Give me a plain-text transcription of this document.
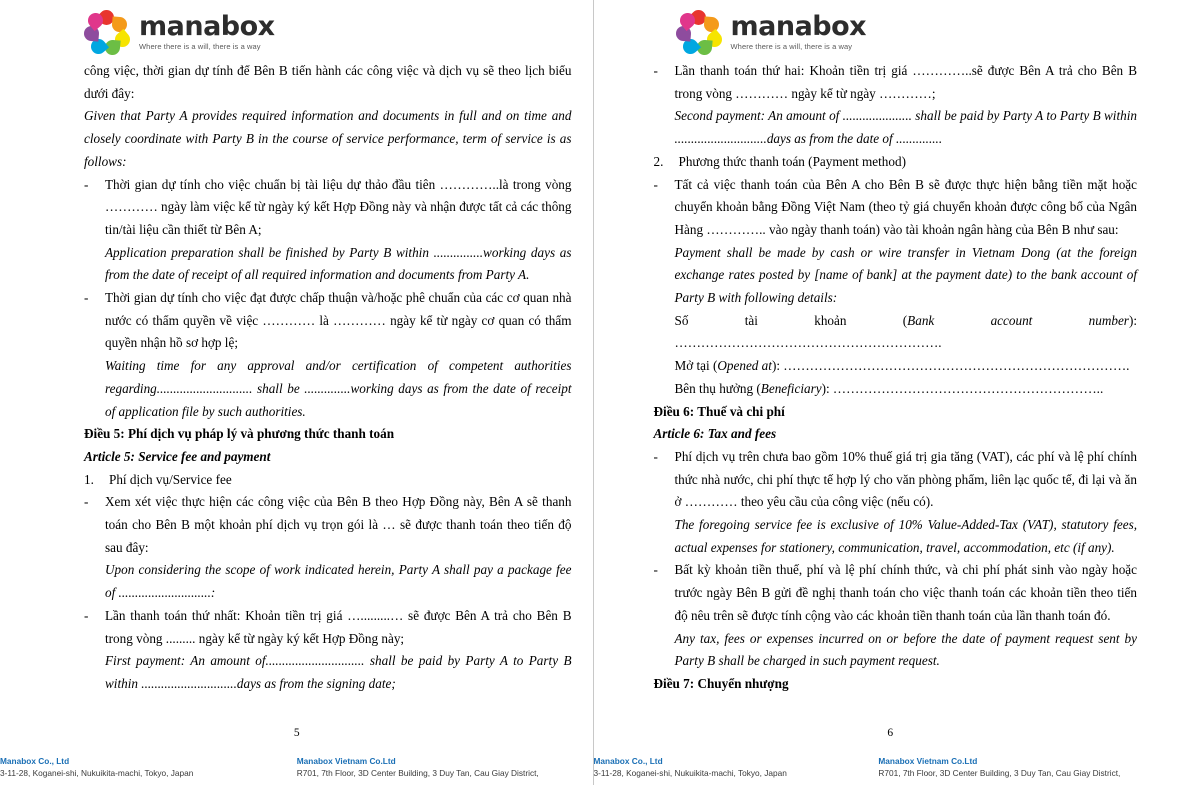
manabox
Where there is a will, there is a way
công việc, thời gian dự tính để Bên B tiến hành các công việc và dịch vụ sẽ theo lịch biểu dưới đây:
Given that Party A provides required information and documents in full and on time and closely coordinate with Party B in the course of service performance, term of service is as follows:
-	Thời gian dự tính cho việc chuẩn bị tài liệu dự thảo đầu tiên …………..là trong vòng ………… ngày làm việc kể từ ngày ký kết Hợp Đồng này và nhận được tất cả các thông tin/tài liệu cần thiết từ Bên A;
Application preparation shall be finished by Party B within ...............working days as from the date of receipt of all required information and documents from Party A.
-	Thời gian dự tính cho việc đạt được chấp thuận và/hoặc phê chuẩn của các cơ quan nhà nước có thẩm quyền về việc ………… là ………… ngày kể từ ngày cơ quan có thẩm quyền nhận hồ sơ hợp lệ;
Waiting time for any approval and/or certification of competent authorities regarding............................. shall be ..............working days as from the date of receipt of application file by such authorities.
Điều 5: Phí dịch vụ pháp lý và phương thức thanh toán
Article 5: Service fee and payment
1.	Phí dịch vụ/Service fee
-	Xem xét việc thực hiện các công việc của Bên B theo Hợp Đồng này, Bên A sẽ thanh toán cho Bên B một khoản phí dịch vụ trọn gói là … sẽ được thanh toán theo tiến độ sau đây:
Upon considering the scope of work indicated herein, Party A shall pay a package fee of ............................:
-	Lần thanh toán thứ nhất: Khoản tiền trị giá ….........… sẽ được Bên A trả cho Bên B trong vòng ......... ngày kể từ ngày ký kết Hợp Đồng này;
First payment: An amount of.............................. shall be paid by Party A to Party B within .............................days as from the signing date;
5
Manabox Co., Ltd
3-11-28, Koganei-shi, Nukuikita-machi, Tokyo, Japan
Manabox Vietnam Co.Ltd
R701, 7th Floor, 3D Center Building, 3 Duy Tan, Cau Giay District,
manabox
Where there is a will, there is a way
-	Lần thanh toán thứ hai: Khoản tiền trị giá …………..sẽ được Bên A trả cho Bên B trong vòng ………… ngày kể từ ngày …………;
Second payment: An amount of ..................... shall be paid by Party A to Party B within ............................days as from the date of ..............
2.	Phương thức thanh toán (Payment method)
-	Tất cả việc thanh toán của Bên A cho Bên B sẽ được thực hiện bằng tiền mặt hoặc chuyển khoản bằng Đồng Việt Nam (theo tỷ giá chuyển khoản được công bố của Ngân Hàng ………….. vào ngày thanh toán) vào tài khoản ngân hàng của Bên B như sau:
Payment shall be made by cash or wire transfer in Vietnam Dong (at the foreign exchange rates posted by [name of bank] at the payment date) to the bank account of Party B with following details:
Số tài khoản (Bank account number): …………………………………………………….
Mở tại (Opened at): …………………………………………………………………….
Bên thụ hưởng (Beneficiary): ……………………………………………………..
Điều 6: Thuế và chi phí
Article 6: Tax and fees
-	Phí dịch vụ trên chưa bao gồm 10% thuế giá trị gia tăng (VAT), các phí và lệ phí chính thức nhà nước, chi phí thực tế hợp lý cho văn phòng phẩm, liên lạc quốc tế, đi lại và ăn ở ………… theo yêu cầu của công việc (nếu có).
The foregoing service fee is exclusive of 10% Value-Added-Tax (VAT), statutory fees, actual expenses for stationery, communication, travel, accommodation, etc (if any).
-	Bất kỳ khoản tiền thuế, phí và lệ phí chính thức, và chi phí phát sinh vào ngày hoặc trước ngày Bên B gửi đề nghị thanh toán cho việc thanh toán các khoản tiền theo tiến độ nêu trên sẽ được tính cộng vào các khoản tiền thanh toán của lần thanh toán đó.
Any tax, fees or expenses incurred on or before the date of payment request sent by Party B shall be charged in such payment request.
Điều 7: Chuyển nhượng
6
Manabox Co., Ltd
3-11-28, Koganei-shi, Nukuikita-machi, Tokyo, Japan
Manabox Vietnam Co.Ltd
R701, 7th Floor, 3D Center Building, 3 Duy Tan, Cau Giay District,
